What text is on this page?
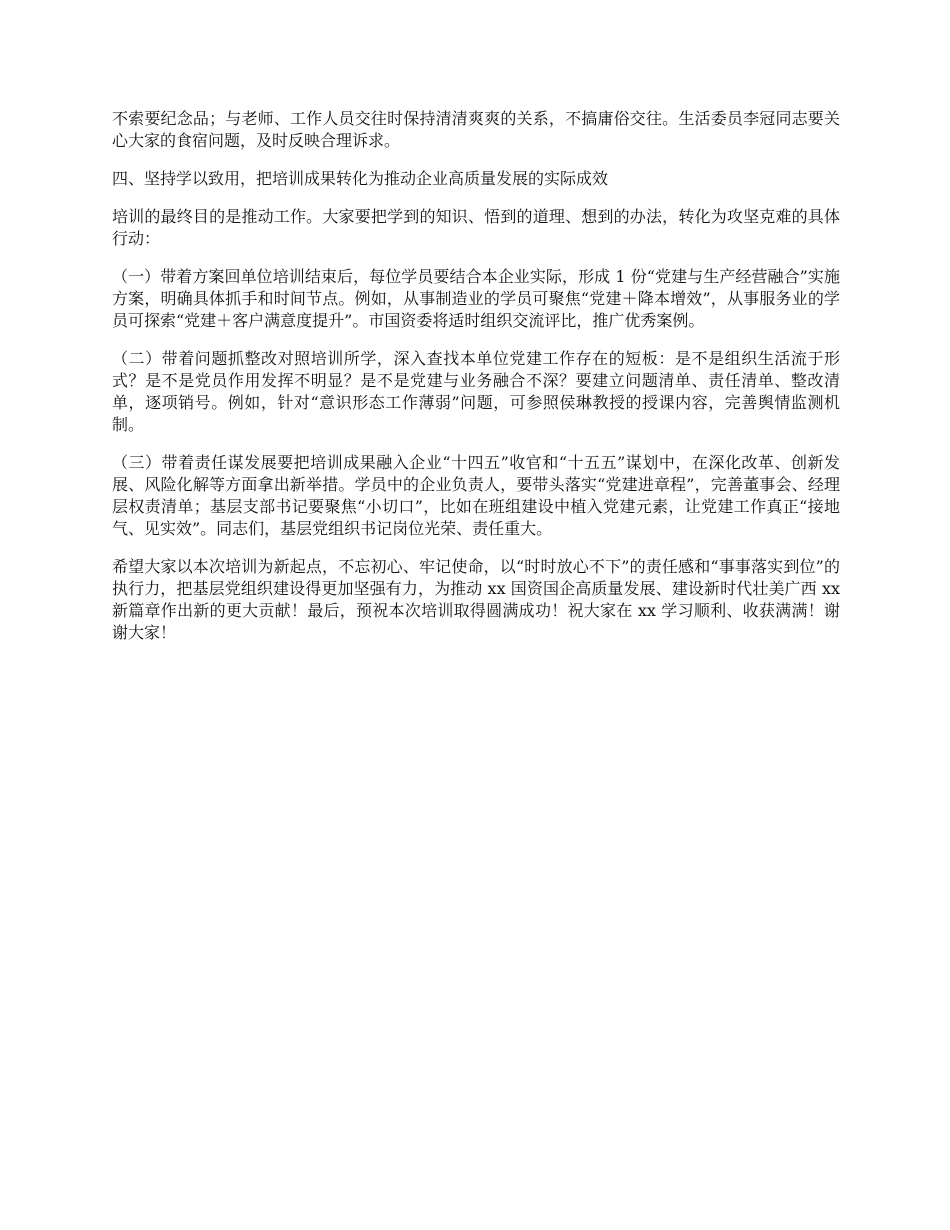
不索要纪念品；与老师、工作人员交往时保持清清爽爽的关系，不搞庸俗交往。生活委员李冠同志要关心大家的食宿问题，及时反映合理诉求。

四、坚持学以致用，把培训成果转化为推动企业高质量发展的实际成效

培训的最终目的是推动工作。大家要把学到的知识、悟到的道理、想到的办法，转化为攻坚克难的具体行动：

（一）带着方案回单位培训结束后，每位学员要结合本企业实际，形成 1 份“党建与生产经营融合”实施方案，明确具体抓手和时间节点。例如，从事制造业的学员可聚焦“党建＋降本增效”，从事服务业的学员可探索“党建＋客户满意度提升”。市国资委将适时组织交流评比，推广优秀案例。

（二）带着问题抓整改对照培训所学，深入查找本单位党建工作存在的短板：是不是组织生活流于形式？是不是党员作用发挥不明显？是不是党建与业务融合不深？要建立问题清单、责任清单、整改清单，逐项销号。例如，针对“意识形态工作薄弱”问题，可参照侯琳教授的授课内容，完善舆情监测机制。

（三）带着责任谋发展要把培训成果融入企业“十四五”收官和“十五五”谋划中，在深化改革、创新发展、风险化解等方面拿出新举措。学员中的企业负责人，要带头落实“党建进章程”，完善董事会、经理层权责清单；基层支部书记要聚焦“小切口”，比如在班组建设中植入党建元素，让党建工作真正“接地气、见实效”。同志们，基层党组织书记岗位光荣、责任重大。

希望大家以本次培训为新起点，不忘初心、牢记使命，以“时时放心不下”的责任感和“事事落实到位”的执行力，把基层党组织建设得更加坚强有力，为推动 xx 国资国企高质量发展、建设新时代壮美广西 xx 新篇章作出新的更大贡献！最后，预祝本次培训取得圆满成功！祝大家在 xx 学习顺利、收获满满！谢谢大家！
